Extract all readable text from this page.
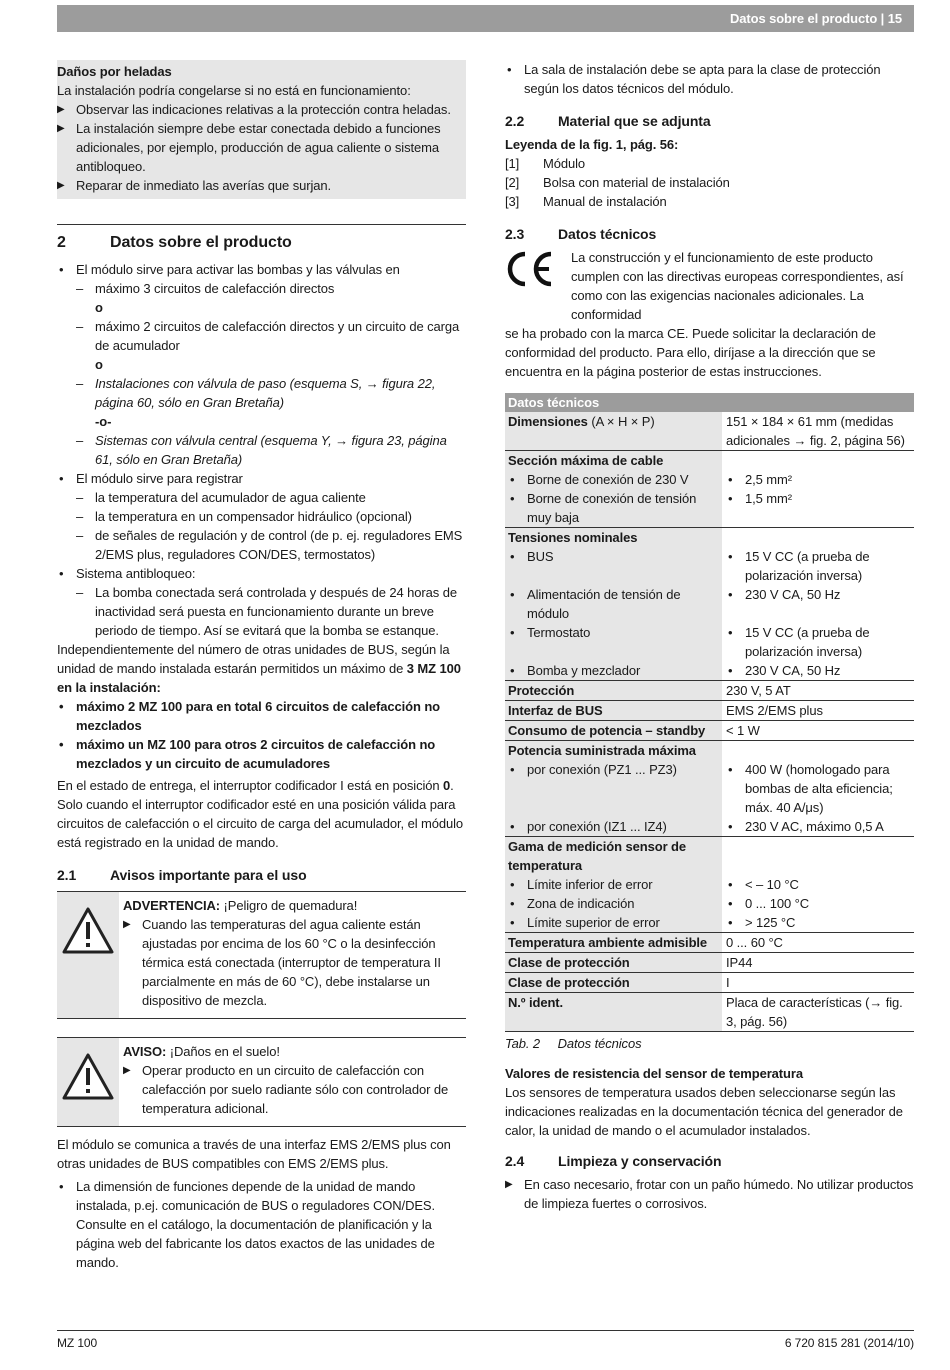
Datos sobre el producto | 15

Daños por heladas

La instalación podría congelarse si no está en funcionamiento:

▶ Observar las indicaciones relativas a la protección contra heladas.

▶ La instalación siempre debe estar conectada debido a funciones adicionales, por ejemplo, producción de agua caliente o sistema antibloqueo.

▶ Reparar de inmediato las averías que surjan.

2	Datos sobre el producto

• El módulo sirve para activar las bombas y las válvulas en

– máximo 3 circuitos de calefacción directos

o

– máximo 2 circuitos de calefacción directos y un circuito de carga de acumulador

o

– Instalaciones con válvula de paso (esquema S, → figura 22, página 60, sólo en Gran Bretaña)

-o-

– Sistemas con válvula central (esquema Y, → figura 23, página 61, sólo en Gran Bretaña)

• El módulo sirve para registrar

– la temperatura del acumulador de agua caliente

– la temperatura en un compensador hidráulico (opcional)

– de señales de regulación y de control (de p. ej. reguladores EMS 2/EMS plus, reguladores CON/DES, termostatos)

• Sistema antibloqueo:

– La bomba conectada será controlada y después de 24 horas de inactividad será puesta en funcionamiento durante un breve periodo de tiempo. Así se evitará que la bomba se estanque.

Independientemente del número de otras unidades de BUS, según la unidad de mando instalada estarán permitidos un máximo de 3 MZ 100 en la instalación:

• máximo 2 MZ 100 para en total 6 circuitos de calefacción no mezclados

• máximo un MZ 100 para otros 2 circuitos de calefacción no mezclados y un circuito de acumuladores

En el estado de entrega, el interruptor codificador I está en posición 0. Solo cuando el interruptor codificador esté en una posición válida para circuitos de calefacción o el circuito de carga del acumulador, el módulo está registrado en la unidad de mando.

2.1 Avisos importante para el uso

ADVERTENCIA: ¡Peligro de quemadura!

▶ Cuando las temperaturas del agua caliente están ajustadas por encima de los 60 °C o la desinfección térmica está conectada (interruptor de temperatura II parcialmente en más de 60 °C), debe instalarse un dispositivo de mezcla.

AVISO: ¡Daños en el suelo!

▶ Operar producto en un circuito de calefacción con calefacción por suelo radiante sólo con controlador de temperatura adicional.

El módulo se comunica a través de una interfaz EMS 2/EMS plus con otras unidades de BUS compatibles con EMS 2/EMS plus.

• La dimensión de funciones depende de la unidad de mando instalada, p.ej. comunicación de BUS o reguladores CON/DES. Consulte en el catálogo, la documentación de planificación y la página web del fabricante los datos exactos de las unidades de mando.

• La sala de instalación debe se apta para la clase de protección según los datos técnicos del módulo.

2.2 Material que se adjunta

Leyenda de la fig. 1, pág. 56:

[1]	Módulo
[2]	Bolsa con material de instalación
[3]	Manual de instalación
2.3 Datos técnicos
CE	La construcción y el funcionamiento de este producto cumplen con las directivas europeas correspondientes, así como con las exigencias nacionales adicionales. La conformidad

se ha probado con la marca CE. Puede solicitar la declaración de conformidad del producto. Para ello, diríjase a la dirección que se encuentra en la página posterior de estas instrucciones.

Datos técnicos	
Dimensiones (A × H × P)	151 × 184 × 61 mm (medidas adicionales → fig. 2, página 56)
Sección máxima de cable	

• Borne de conexión de 230 V	• 2,5 mm²

• Borne de conexión de tensión muy baja	• 1,5 mm²

Tensiones nominales	

• BUS	• 15 V CC (a prueba de polarización inversa)

• Alimentación de tensión de módulo	• 230 V CA, 50 Hz

• Termostato	• 15 V CC (a prueba de polarización inversa)

• Bomba y mezclador	• 230 V CA, 50 Hz

Protección	230 V, 5 AT
Interfaz de BUS	EMS 2/EMS plus
Consumo de potencia – standby	< 1 W
Potencia suministrada máxima	

• por conexión (PZ1 ... PZ3)	• 400 W (homologado para bombas de alta eficiencia; máx. 40 A/μs)

• por conexión (IZ1 ... IZ4)	• 230 V AC, máximo 0,5 A

Gama de medición sensor de temperatura	

• Límite inferior de error	• < – 10 °C

• Zona de indicación	• 0 ... 100 °C

• Límite superior de error	• > 125 °C

Temperatura ambiente admisible	0 ... 60 °C
Clase de protección	IP44
Clase de protección	I
N.º ident.	Placa de características (→ fig. 3, pág. 56)

Tab. 2     Datos técnicos

Valores de resistencia del sensor de temperatura

Los sensores de temperatura usados deben seleccionarse según las indicaciones realizadas en la documentación técnica del generador de calor, la unidad de mando o el acumulador instalados.

2.4 Limpieza y conservación

▶ En caso necesario, frotar con un paño húmedo. No utilizar productos de limpieza fuertes o corrosivos.

MZ 100	6 720 815 281 (2014/10)
